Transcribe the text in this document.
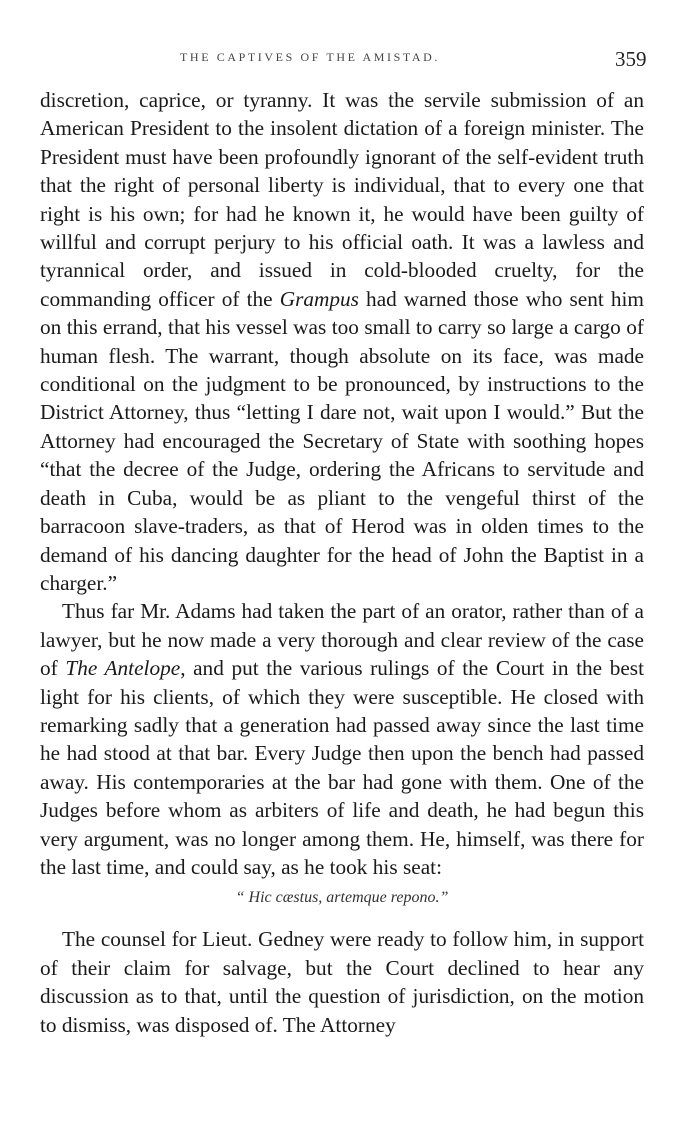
THE CAPTIVES OF THE AMISTAD.	359

discretion, caprice, or tyranny. It was the servile submission of an American President to the insolent dictation of a foreign minister. The President must have been profoundly ignorant of the self-evident truth that the right of personal liberty is individual, that to every one that right is his own; for had he known it, he would have been guilty of willful and corrupt perjury to his official oath. It was a lawless and tyrannical order, and issued in cold-blooded cruelty, for the commanding officer of the Grampus had warned those who sent him on this errand, that his vessel was too small to carry so large a cargo of human flesh. The warrant, though absolute on its face, was made conditional on the judgment to be pronounced, by instructions to the District Attorney, thus “letting I dare not, wait upon I would.” But the Attorney had encouraged the Secretary of State with soothing hopes “that the decree of the Judge, ordering the Africans to servitude and death in Cuba, would be as pliant to the vengeful thirst of the barracoon slave-traders, as that of Herod was in olden times to the demand of his dancing daughter for the head of John the Baptist in a charger.”

Thus far Mr. Adams had taken the part of an orator, rather than of a lawyer, but he now made a very thorough and clear review of the case of The Antelope, and put the various rulings of the Court in the best light for his clients, of which they were susceptible. He closed with remarking sadly that a generation had passed away since the last time he had stood at that bar. Every Judge then upon the bench had passed away. His contemporaries at the bar had gone with them. One of the Judges before whom as arbiters of life and death, he had begun this very argument, was no longer among them. He, himself, was there for the last time, and could say, as he took his seat:

“ Hic cæstus, artemque repono.”

The counsel for Lieut. Gedney were ready to follow him, in support of their claim for salvage, but the Court declined to hear any discussion as to that, until the question of jurisdiction, on the motion to dismiss, was disposed of. The Attorney
